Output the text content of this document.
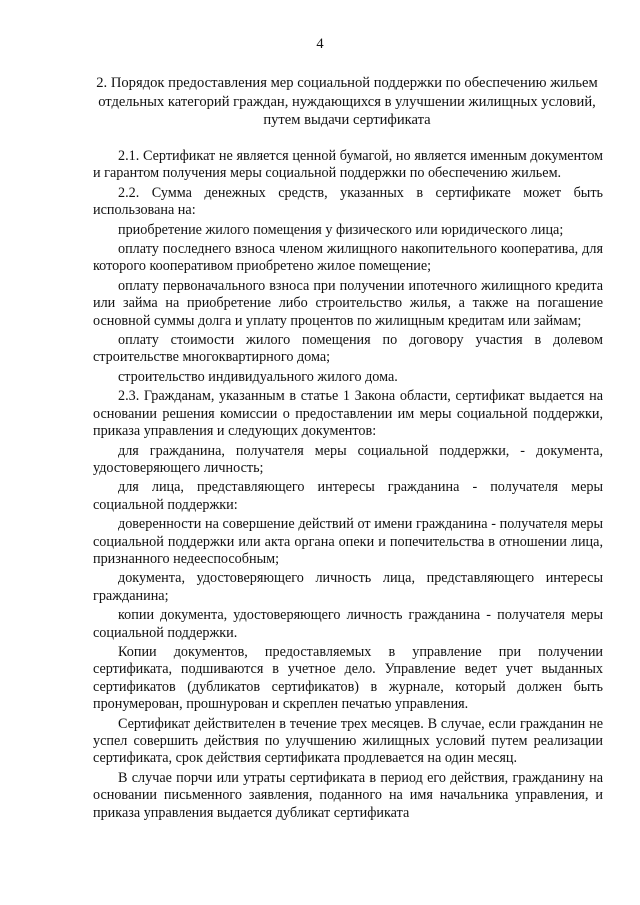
4
2. Порядок предоставления мер социальной поддержки по обеспечению жильем отдельных категорий граждан, нуждающихся в улучшении жилищных условий, путем выдачи сертификата

2.1. Сертификат не является ценной бумагой, но является именным документом и гарантом получения меры социальной поддержки по обеспечению жильем.

2.2. Сумма денежных средств, указанных в сертификате может быть использована на:

приобретение жилого помещения у физического или юридического лица;

оплату последнего взноса членом жилищного накопительного кооператива, для которого кооперативом приобретено жилое помещение;

оплату первоначального взноса при получении ипотечного жилищного кредита или займа на приобретение либо строительство жилья, а также на погашение основной суммы долга и уплату процентов по жилищным кредитам или займам;

оплату стоимости жилого помещения по договору участия в долевом строительстве многоквартирного дома;

строительство индивидуального жилого дома.

2.3. Гражданам, указанным в статье 1 Закона области, сертификат выдается на основании решения комиссии о предоставлении им меры социальной поддержки, приказа управления и следующих документов:

для гражданина, получателя меры социальной поддержки, - документа, удостоверяющего личность;

для лица, представляющего интересы гражданина - получателя меры социальной поддержки:

доверенности на совершение действий от имени гражданина - получателя меры социальной поддержки или акта органа опеки и попечительства в отношении лица, признанного недееспособным;

документа, удостоверяющего личность лица, представляющего интересы гражданина;

копии документа, удостоверяющего личность гражданина - получателя меры социальной поддержки.

Копии документов, предоставляемых в управление при получении сертификата, подшиваются в учетное дело. Управление ведет учет выданных сертификатов (дубликатов сертификатов) в журнале, который должен быть пронумерован, прошнурован и скреплен печатью управления.

Сертификат действителен в течение трех месяцев. В случае, если гражданин не успел совершить действия по улучшению жилищных условий путем реализации сертификата, срок действия сертификата продлевается на один месяц.

В случае порчи или утраты сертификата в период его действия, гражданину на основании письменного заявления, поданного на имя начальника управления, и приказа управления выдается дубликат сертификата
